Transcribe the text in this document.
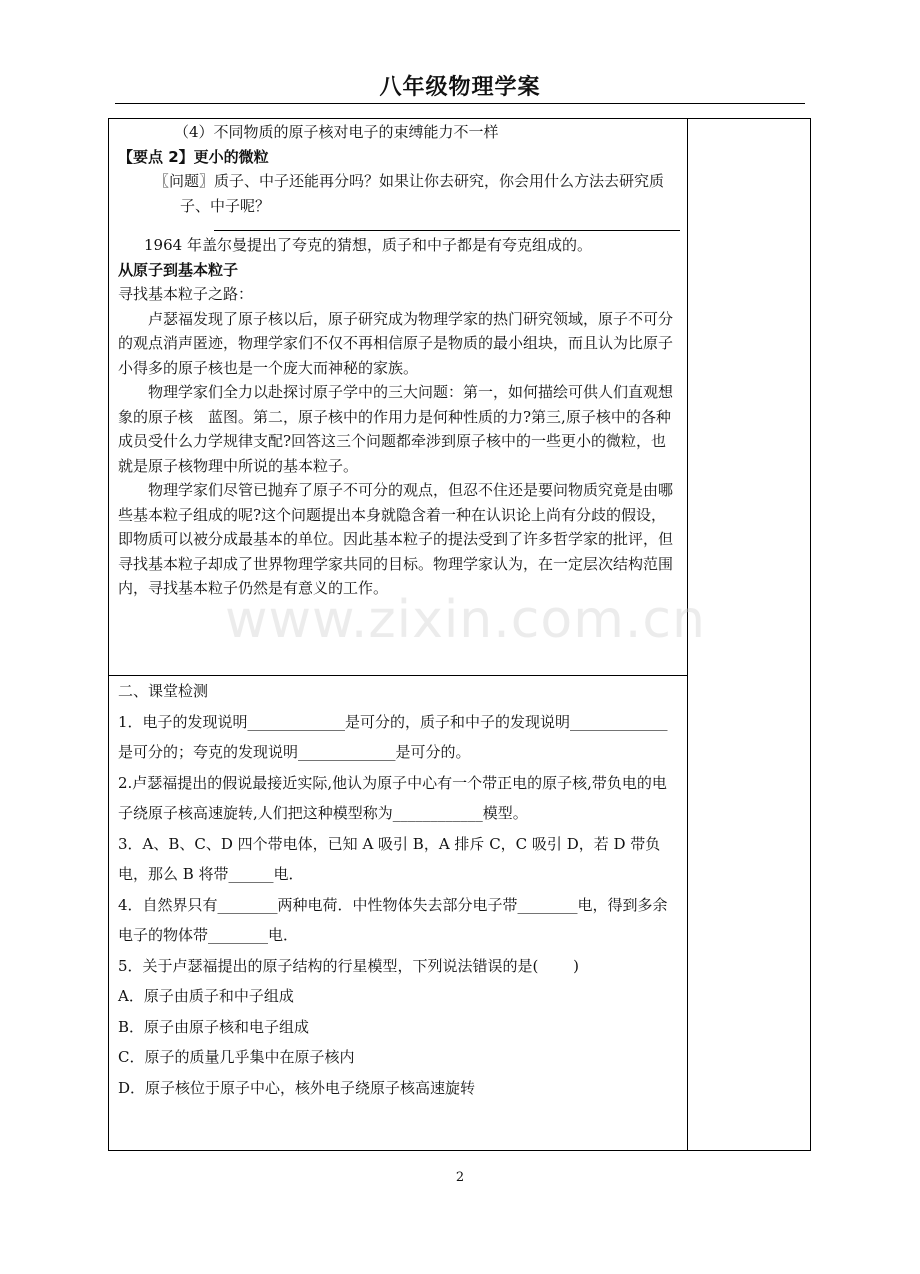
八年级物理学案

（4）不同物质的原子核对电子的束缚能力不一样

【要点 2】更小的微粒

〖问题〗质子、中子还能再分吗？如果让你去研究，你会用什么方法去研究质子、中子呢？

1964 年盖尔曼提出了夸克的猜想，质子和中子都是有夸克组成的。

从原子到基本粒子

寻找基本粒子之路：

卢瑟福发现了原子核以后，原子研究成为物理学家的热门研究领域，原子不可分的观点消声匿迹，物理学家们不仅不再相信原子是物质的最小组块，而且认为比原子小得多的原子核也是一个庞大而神秘的家族。

物理学家们全力以赴探讨原子学中的三大问题：第一，如何描绘可供人们直观想象的原子核　蓝图。第二，原子核中的作用力是何种性质的力?第三,原子核中的各种成员受什么力学规律支配?回答这三个问题都牵涉到原子核中的一些更小的微粒，也就是原子核物理中所说的基本粒子。

物理学家们尽管已抛弃了原子不可分的观点，但忍不住还是要问物质究竟是由哪些基本粒子组成的呢?这个问题提出本身就隐含着一种在认识论上尚有分歧的假设，即物质可以被分成最基本的单位。因此基本粒子的提法受到了许多哲学家的批评，但寻找基本粒子却成了世界物理学家共同的目标。物理学家认为，在一定层次结构范围内，寻找基本粒子仍然是有意义的工作。

www.zixin.com.cn

二、课堂检测

1．电子的发现说明_____________是可分的，质子和中子的发现说明_____________是可分的；夸克的发现说明_____________是可分的。

2.卢瑟福提出的假说最接近实际,他认为原子中心有一个带正电的原子核,带负电的电子绕原子核高速旋转,人们把这种模型称为____________模型。

3．A、B、C、D 四个带电体，已知 A 吸引 B，A 排斥 C，C 吸引 D，若 D 带负电，那么 B 将带______电．

4．自然界只有________两种电荷．中性物体失去部分电子带________电，得到多余电子的物体带________电．

5．关于卢瑟福提出的原子结构的行星模型，下列说法错误的是(　　 )

A．原子由质子和中子组成

B．原子由原子核和电子组成

C．原子的质量几乎集中在原子核内

D．原子核位于原子中心，核外电子绕原子核高速旋转

2
